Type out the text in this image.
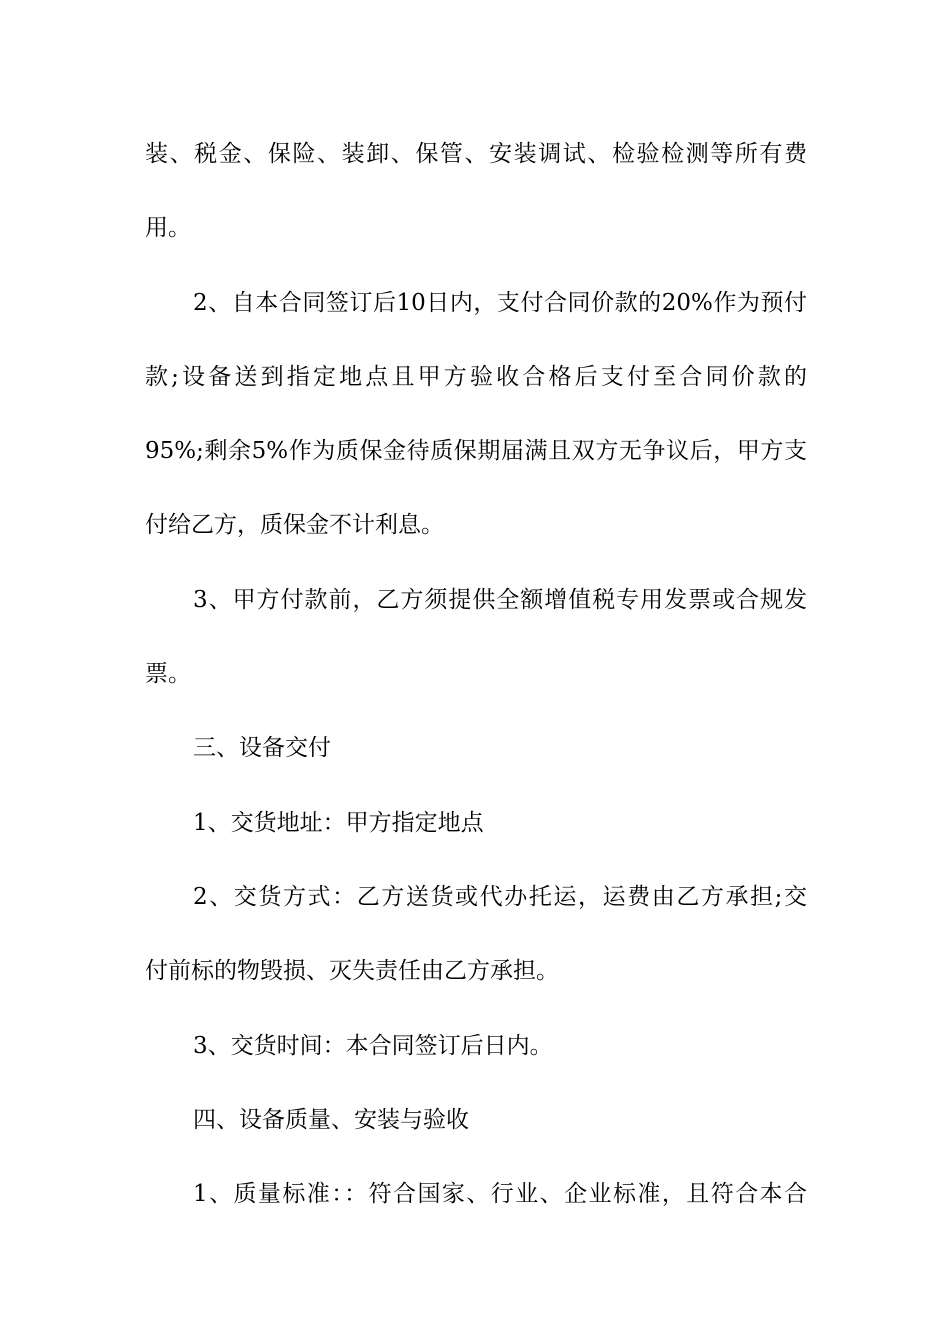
装、税金、保险、装卸、保管、安装调试、检验检测等所有费
用。
2、自本合同签订后10日内，支付合同价款的20%作为预付
款;设备送到指定地点且甲方验收合格后支付至合同价款的
95%;剩余5%作为质保金待质保期届满且双方无争议后，甲方支
付给乙方，质保金不计利息。
3、甲方付款前，乙方须提供全额增值税专用发票或合规发
票。
三、设备交付
1、交货地址：甲方指定地点
2、交货方式：乙方送货或代办托运，运费由乙方承担;交
付前标的物毁损、灭失责任由乙方承担。
3、交货时间：本合同签订后日内。
四、设备质量、安装与验收
1、质量标准：：符合国家、行业、企业标准，且符合本合
